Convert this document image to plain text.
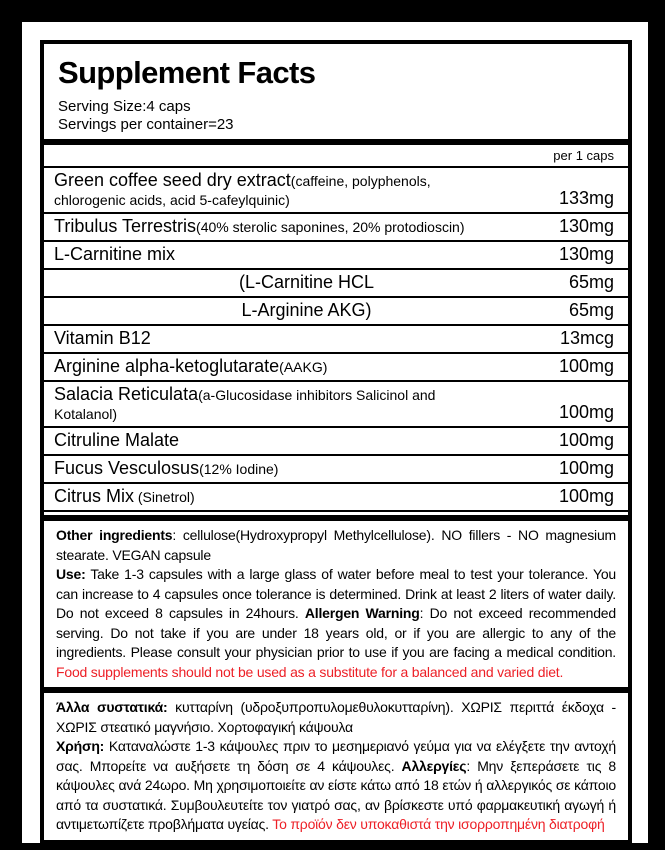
Supplement Facts
Serving Size:4 caps
Servings per container=23
per 1 caps
Green coffee seed dry extract(caffeine, polyphenols,
chlorogenic acids, acid 5-cafeylquinic)	133mg
Tribulus Terrestris(40% sterolic saponines, 20% protodioscin)	130mg
L-Carnitine mix	130mg
(L-Carnitine HCL	65mg
L-Arginine AKG)	65mg
Vitamin B12	13mcg
Arginine alpha-ketoglutarate(AAKG)	100mg
Salacia Reticulata(a-Glucosidase inhibitors Salicinol and
Kotalanol)	100mg
Citruline Malate	100mg
Fucus Vesculosus(12% Iodine)	100mg
Citrus Mix (Sinetrol)	100mg

Other ingredients: cellulose(Hydroxypropyl Methylcellulose). NO fillers - NO magnesium stearate. VEGAN capsule

Use: Take 1-3 capsules with a large glass of water before meal to test your tolerance. You can increase to 4 capsules once tolerance is determined. Drink at least 2 liters of water daily. Do not exceed 8 capsules in 24hours. Allergen Warning: Do not exceed recommended serving. Do not take if you are under 18 years old, or if you are allergic to any of the ingredients. Please consult your physician prior to use if you are facing a medical condition. Food supplements should not be used as a substitute for a balanced and varied diet.

Άλλα συστατικά: κυτταρίνη (υδροξυπροπυλομεθυλοκυτταρίνη). ΧΩΡΙΣ περιττά έκδοχα - ΧΩΡΙΣ στεατικό μαγνήσιο. Χορτοφαγική κάψουλα

Χρήση: Καταναλώστε 1-3 κάψουλες πριν το μεσημεριανό γεύμα για να ελέγξετε την αντοχή σας. Μπορείτε να αυξήσετε τη δόση σε 4 κάψουλες. Αλλεργίες: Μην ξεπεράσετε τις 8 κάψουλες ανά 24ωρο. Μη χρησιμοποιείτε αν είστε κάτω από 18 ετών ή αλλεργικός σε κάποιο από τα συστατικά. Συμβουλευτείτε τον γιατρό σας, αν βρίσκεστε υπό φαρμακευτική αγωγή ή αντιμετωπίζετε προβλήματα υγείας. Το προϊόν δεν υποκαθιστά την ισορροπημένη διατροφή
